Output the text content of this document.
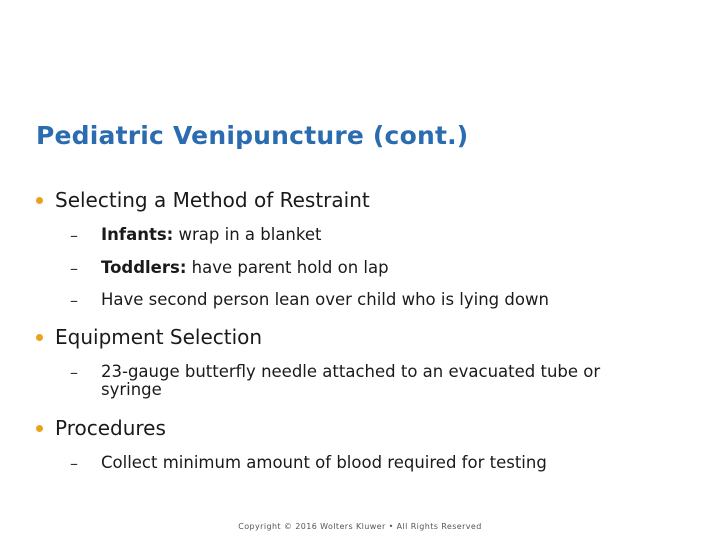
Pediatric Venipuncture (cont.)
Selecting a Method of Restraint
–	Infants: wrap in a blanket
–	Toddlers: have parent hold on lap
–	Have second person lean over child who is lying down
Equipment Selection
–	23-gauge butterfly needle attached to an evacuated tube or
syringe
Procedures
–	Collect minimum amount of blood required for testing
Copyright © 2016 Wolters Kluwer • All Rights Reserved
